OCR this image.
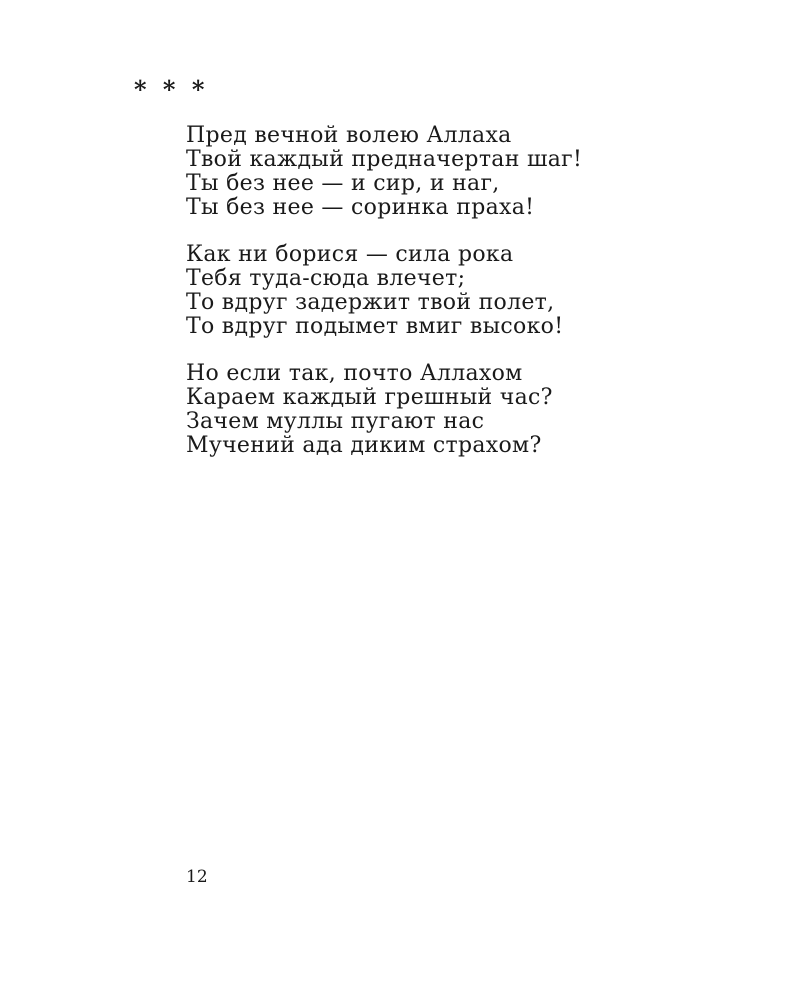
* * *
Пред вечной волею Аллаха
Твой каждый предначертан шаг!
Ты без нее — и сир, и наг,
Ты без нее — соринка праха!
Как ни борися — сила рока
Тебя туда-сюда влечет;
То вдруг задержит твой полет,
То вдруг подымет вмиг высоко!
Но если так, почто Аллахом
Караем каждый грешный час?
Зачем муллы пугают нас
Мучений ада диким страхом?
12
